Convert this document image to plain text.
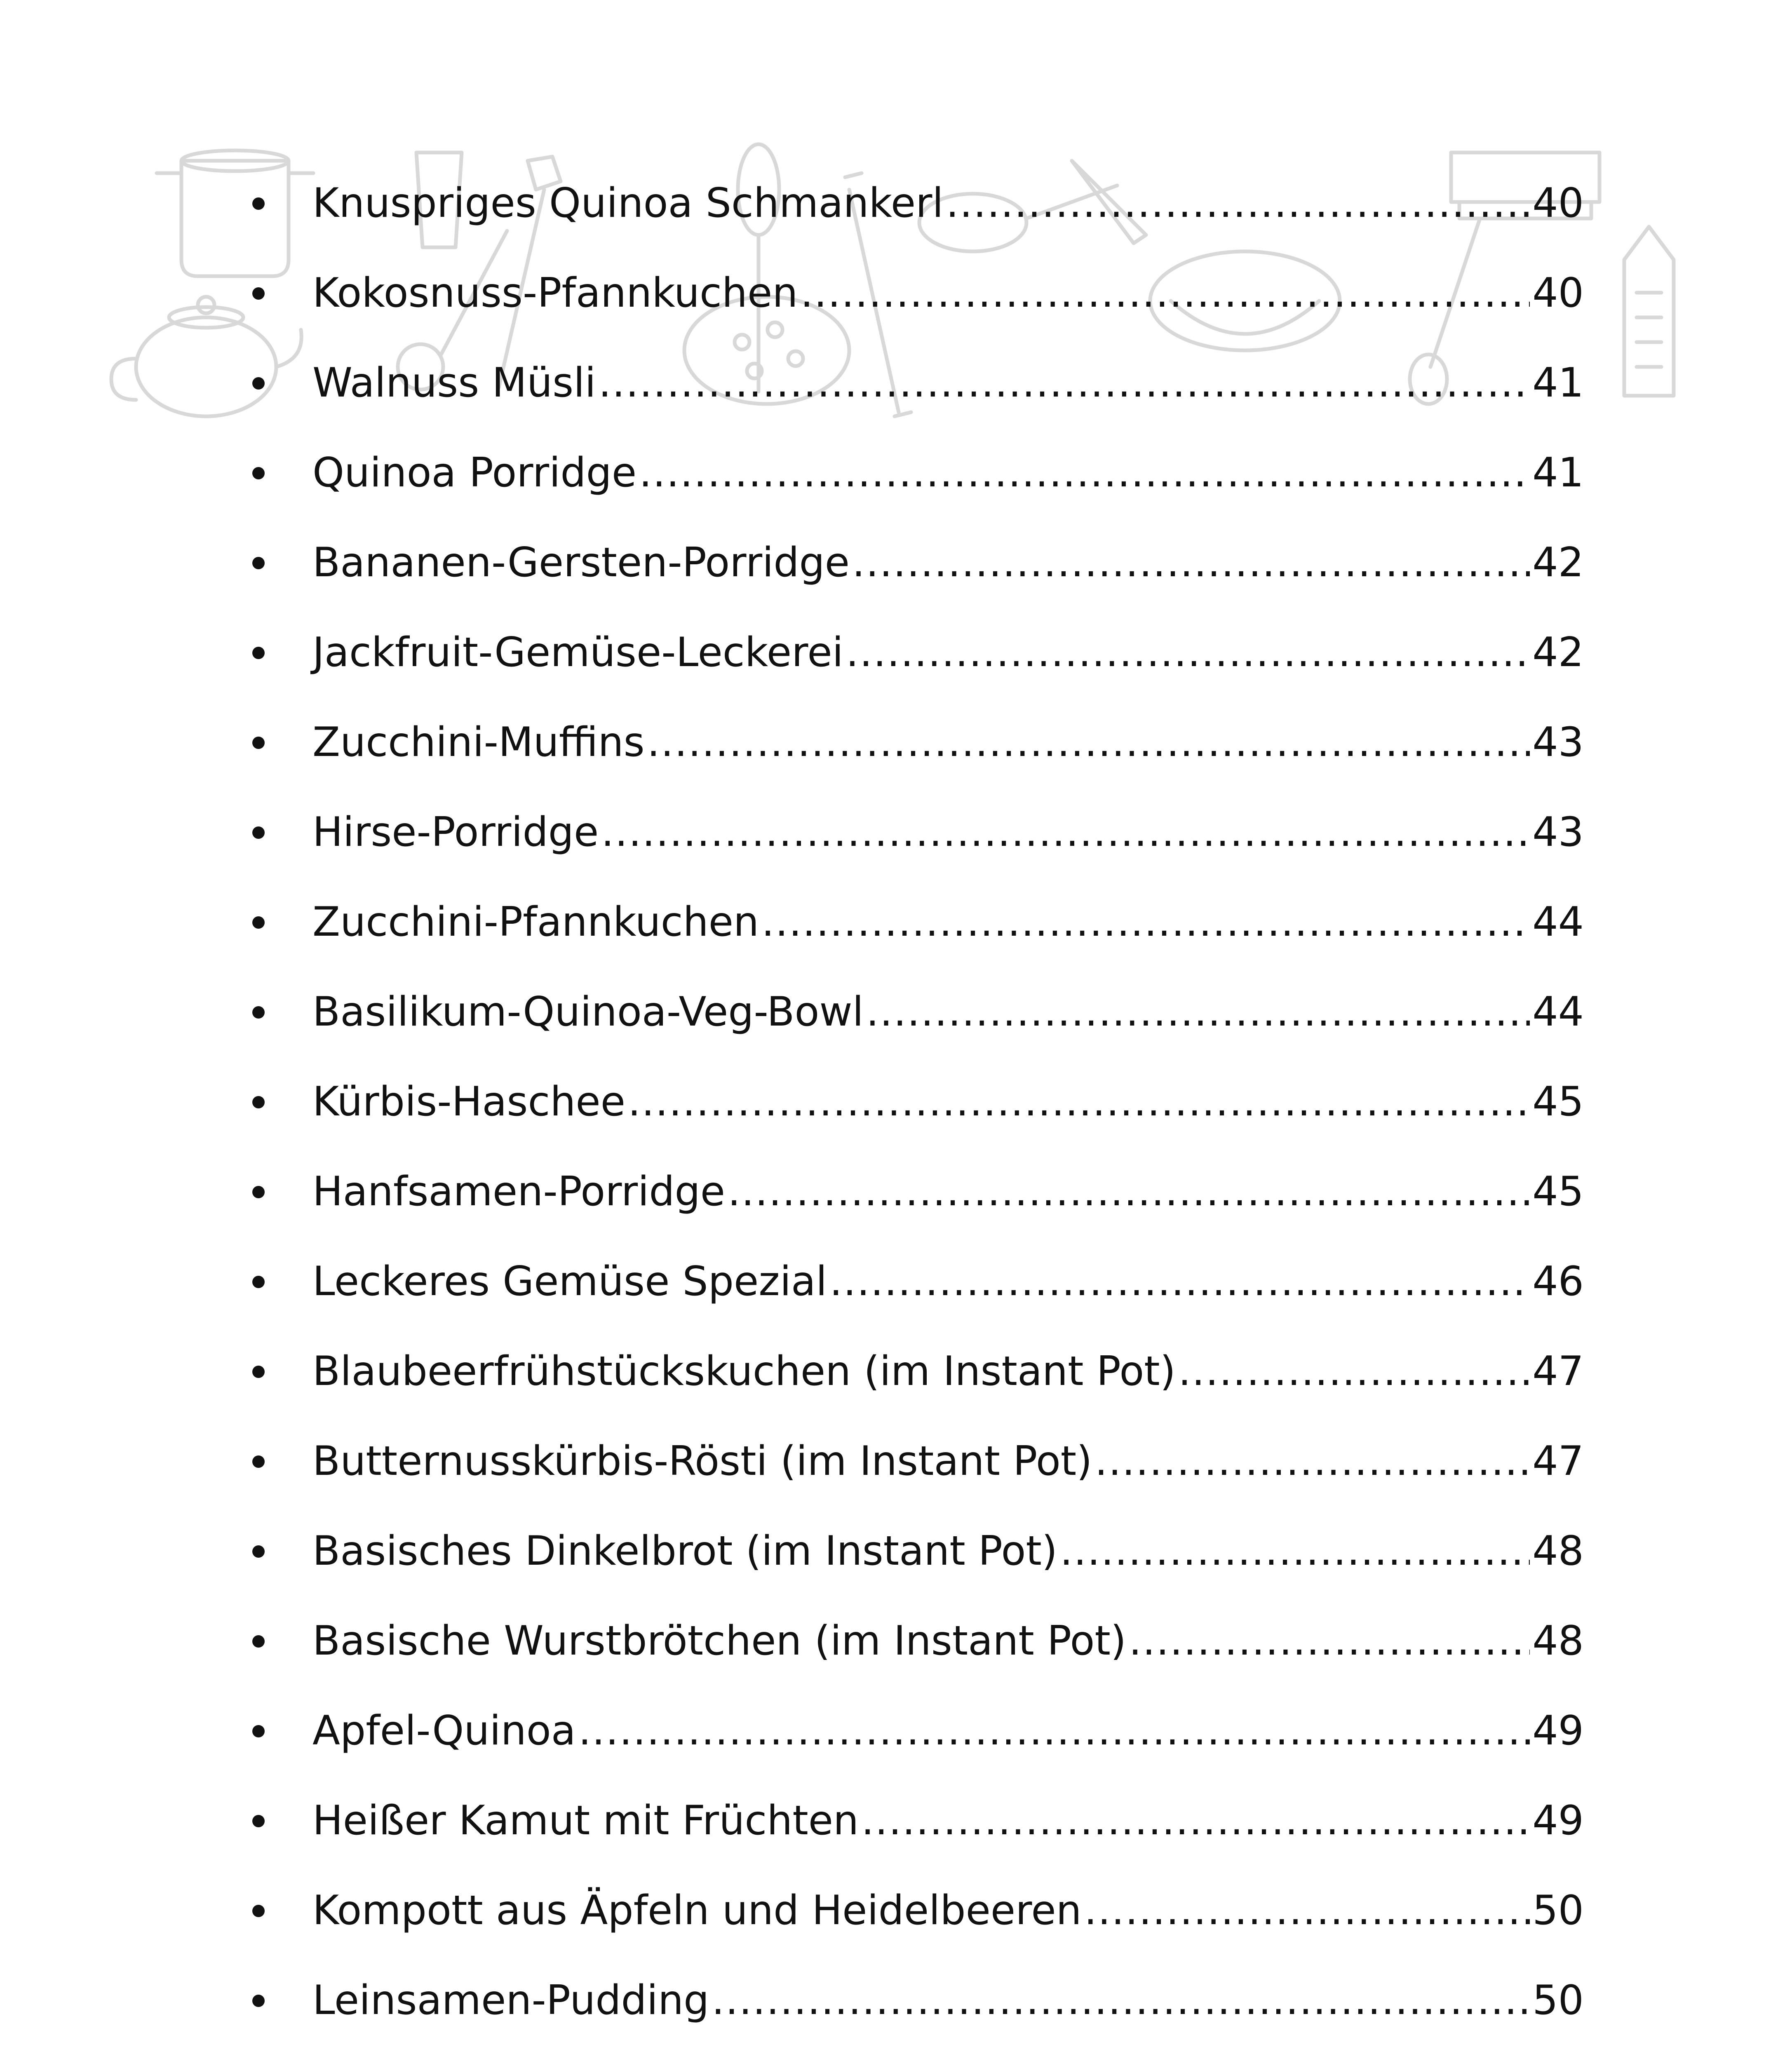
Knuspriges Quinoa Schmankerl .....	40
Kokosnuss-Pfannkuchen .....	40
Walnuss Müsli .....	41
Quinoa Porridge .....	41
Bananen-Gersten-Porridge .....	42
Jackfruit-Gemüse-Leckerei .....	42
Zucchini-Muffins .....	43
Hirse-Porridge .....	43
Zucchini-Pfannkuchen .....	44
Basilikum-Quinoa-Veg-Bowl .....	44
Kürbis-Haschee .....	45
Hanfsamen-Porridge .....	45
Leckeres Gemüse Spezial .....	46
Blaubeerfrühstückskuchen (im Instant Pot) .....	47
Butternusskürbis-Rösti (im Instant Pot) .....	47
Basisches Dinkelbrot (im Instant Pot) .....	48
Basische Wurstbrötchen (im Instant Pot) .....	48
Apfel-Quinoa .....	49
Heißer Kamut mit Früchten .....	49
Kompott aus Äpfeln und Heidelbeeren .....	50
Leinsamen-Pudding .....	50
